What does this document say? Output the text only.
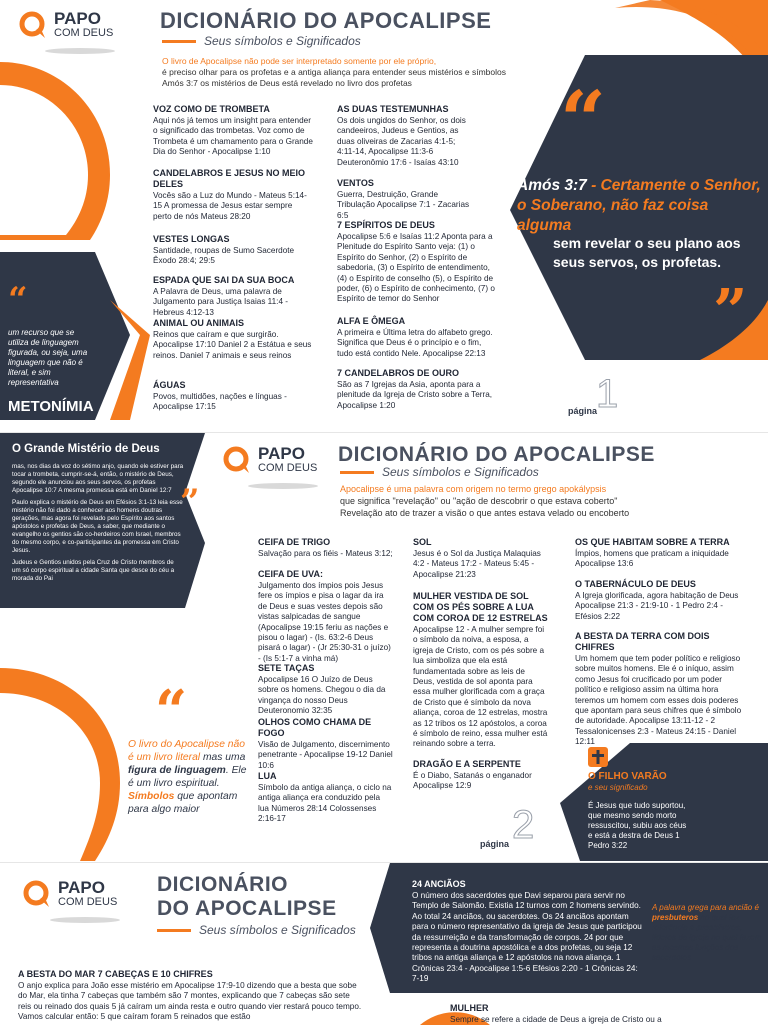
PAPO
COM DEUS DICIONÁRIO DO APOCALIPSE
Seus símbolos e Significados
O livro de Apocalipse não pode ser interpretado somente por ele próprio,
é preciso olhar para os profetas e a antiga aliança para entender seus mistérios e símbolos
Amós 3:7 os mistérios de Deus está revelado no livro dos profetas
VOZ COMO DE TROMBETA

Aqui nós já temos um insight para entender o significado das trombetas. Voz como de Trombeta é um chamamento para o Grande Dia do Senhor - Apocalipse 1:10

CANDELABROS E JESUS NO MEIO DELES

Vocês são a Luz do Mundo - Mateus 5:14-15 A promessa de Jesus estar sempre perto de nós Mateus 28:20

VESTES LONGAS

Santidade, roupas de Sumo Sacerdote Êxodo 28:4; 29:5

ESPADA QUE SAI DA SUA BOCA

A Palavra de Deus, uma palavra de Julgamento para Justiça Isaias 11:4 - Hebreus 4:12-13

ANIMAL OU ANIMAIS

Reinos que caíram e que surgirão. Apocalipse 17:10 Daniel 2 a Estátua e seus reinos. Daniel 7 animais e seus reinos

ÁGUAS

Povos, multidões, nações e línguas - Apocalipse 17:15

AS DUAS TESTEMUNHAS

Os dois ungidos do Senhor, os dois candeeiros, Judeus e Gentios, as duas oliveiras de Zacarias 4:1-5; 4:11-14, Apocalipse 11:3-6 Deuteronômio 17:6 - Isaías 43:10

VENTOS

Guerra, Destruição, Grande Tribulação Apocalipse 7:1 - Zacarias 6:5

7 ESPÍRITOS DE DEUS

Apocalipse 5:6 e Isaías 11:2 Aponta para a Plenitude do Espírito Santo veja: (1) o Espírito do Senhor, (2) o Espírito de sabedoria, (3) o Espírito de entendimento, (4) o Espírito de conselho (5), o Espírito de poder, (6) o Espírito de conhecimento, (7) o Espírito de temor do Senhor

ALFA E ÔMEGA

A primeira e Última letra do alfabeto grego. Significa que Deus é o princípio e o fim, tudo está contido Nele. Apocalipse 22:13

7 CANDELABROS DE OURO

São as 7 Igrejas da Asia, aponta para a plenitude da Igreja de Cristo sobre a Terra, Apocalipse 1:20

“
Amós 3:7 - Certamente o Senhor, o Soberano, não faz coisa alguma
sem revelar o seu plano aos seus servos, os profetas.
”
“
um recurso que se utiliza de linguagem figurada, ou seja, uma linguagem que não é literal, e sim representativa
METONÍMIA	página
1
PAPO
COM DEUS
DICIONÁRIO DO APOCALIPSE
Seus símbolos e Significados
Apocalipse é uma palavra com origem no termo grego apokálypsis
que significa "revelação" ou "ação de descobrir o que estava coberto"
Revelação ato de trazer a visão o que antes estava velado ou encoberto
O Grande Mistério de Deus

mas, nos dias da voz do sétimo anjo, quando ele estiver para tocar a trombeta, cumprir-se-á, então, o mistério de Deus, segundo ele anunciou aos seus servos, os profetas Apocalipse 10:7 A mesma promessa está em Daniel 12:7

Paulo explica o mistério de Deus em Efésios 3:1-13 leia esse mistério não foi dado a conhecer aos homens doutras gerações, mas agora foi revelado pelo Espírito aos santos apóstolos e profetas de Deus, a saber, que mediante o evangelho os gentios são co-herdeiros com Israel, membros do mesmo corpo, e co-participantes da promessa em Cristo Jesus.

Judeus e Gentios unidos pela Cruz de Cristo membros de um só corpo espiritual a cidade Santa que desce do céu a morada do Pai

”
“
O livro do Apocalipse não é um livro literal mas uma figura de linguagem. Ele é um livro espiritual. Símbolos que apontam para algo maior
CEIFA DE TRIGO

Salvação para os fiéis - Mateus 3:12;

CEIFA DE UVA:

Julgamento dos ímpios pois Jesus fere os ímpios e pisa o lagar da ira de Deus e suas vestes depois são vistas salpicadas de sangue (Apocalipse 19:15 feriu as nações e pisou o lagar) - (Is. 63:2-6 Deus pisará o lagar) - (Jr 25:30-31 o juízo) - (Is 5:1-7 a vinha má)

SETE TAÇAS

Apocalipse 16 O Juízo de Deus sobre os homens. Chegou o dia da vingança do nosso Deus Deuteronomio 32:35

OLHOS COMO CHAMA DE FOGO

Visão de Julgamento, discernimento penetrante - Apocalipse 19-12 Daniel 10:6

LUA

Símbolo da antiga aliança, o ciclo na antiga aliança era conduzido pela lua Números 28:14 Colossenses 2:16-17

SOL

Jesus é o Sol da Justiça Malaquias 4:2 - Mateus 17:2 - Mateus 5:45 - Apocalipse 21:23

MULHER VESTIDA DE SOL COM OS PÉS SOBRE A LUA COM COROA DE 12 ESTRELAS

Apocalipse 12 - A mulher sempre foi o símbolo da noiva, a esposa, a igreja de Cristo, com os pés sobre a lua simboliza que ela está fundamentada sobre as leis de Deus, vestida de sol aponta para essa mulher glorificada com a graça de Cristo que é símbolo da nova aliança, coroa de 12 estrelas, mostra as 12 tribos os 12 apóstolos, a coroa é símbolo de reino, essa mulher está reinando sobre a terra.

DRAGÃO E A SERPENTE

É o Diabo, Satanás o enganador Apocalipse 12:9

OS QUE HABITAM SOBRE A TERRA

Ímpios, homens que praticam a iniquidade Apocalipse 13:6

O TABERNÁCULO DE DEUS

A Igreja glorificada, agora habitação de Deus Apocalipse 21:3 - 21:9-10 - 1 Pedro 2:4 - Efésios 2:22

A BESTA DA TERRA COM DOIS CHIFRES

Um homem que tem poder político e religioso sobre muitos homens. Ele é o iníquo, assim como Jesus foi crucificado por um poder político e religioso assim na última hora teremos um homem com esses dois poderes que apontam para seus chifres que é símbolo de autoridade. Apocalipse 13:11-12 - 2 Tessalonicenses 2:3 - Mateus 24:15 - Daniel 12:11

O FILHO VARÃO
e seu significado
É Jesus que tudo suportou, que mesmo sendo morto ressuscitou, subiu aos céus e está a destra de Deus 1 Pedro 3:22
página 2
PAPO
COM DEUS
DICIONÁRIO
DO APOCALIPSE
Seus símbolos e Significados
A BESTA DO MAR 7 CABEÇAS E 10 CHIFRES

O anjo explica para João esse mistério em Apocalipse 17:9-10 dizendo que a besta que sobe do Mar, ela tinha 7 cabeças que também são 7 montes, explicando que 7 cabeças são sete reis ou reinado dos quais 5 já caíram um ainda resta e outro quando vier restará pouco tempo. Vamos calcular então: 5 que caíram foram 5 reinados que estão

24 ANCIÃOS

O número dos sacerdotes que Davi separou para servir no Templo de Salomão. Existia 12 turnos com 2 homens servindo. Ao total 24 anciãos, ou sacerdotes. Os 24 anciãos apontam para o número representativo da igreja de Jesus que participou da ressurreição e da transformação de corpos. 24 por que representa a doutrina apostólica e a dos profetas, ou seja 12 tribos na antiga aliança e 12 apóstolos na nova aliança. 1 Crônicas 23:4 - Apocalipse 1:5-6 Efésios 2:20 - 1 Crônicas 24: 7-19

A palavra grega para ancião é presbuteros no qual faz referência a presbíteros, líderes da igreja no qual fazem as mesmas funções dos sacerdotes
MULHER

Sempre se refere a cidade de Deus a igreja de Cristo ou a
